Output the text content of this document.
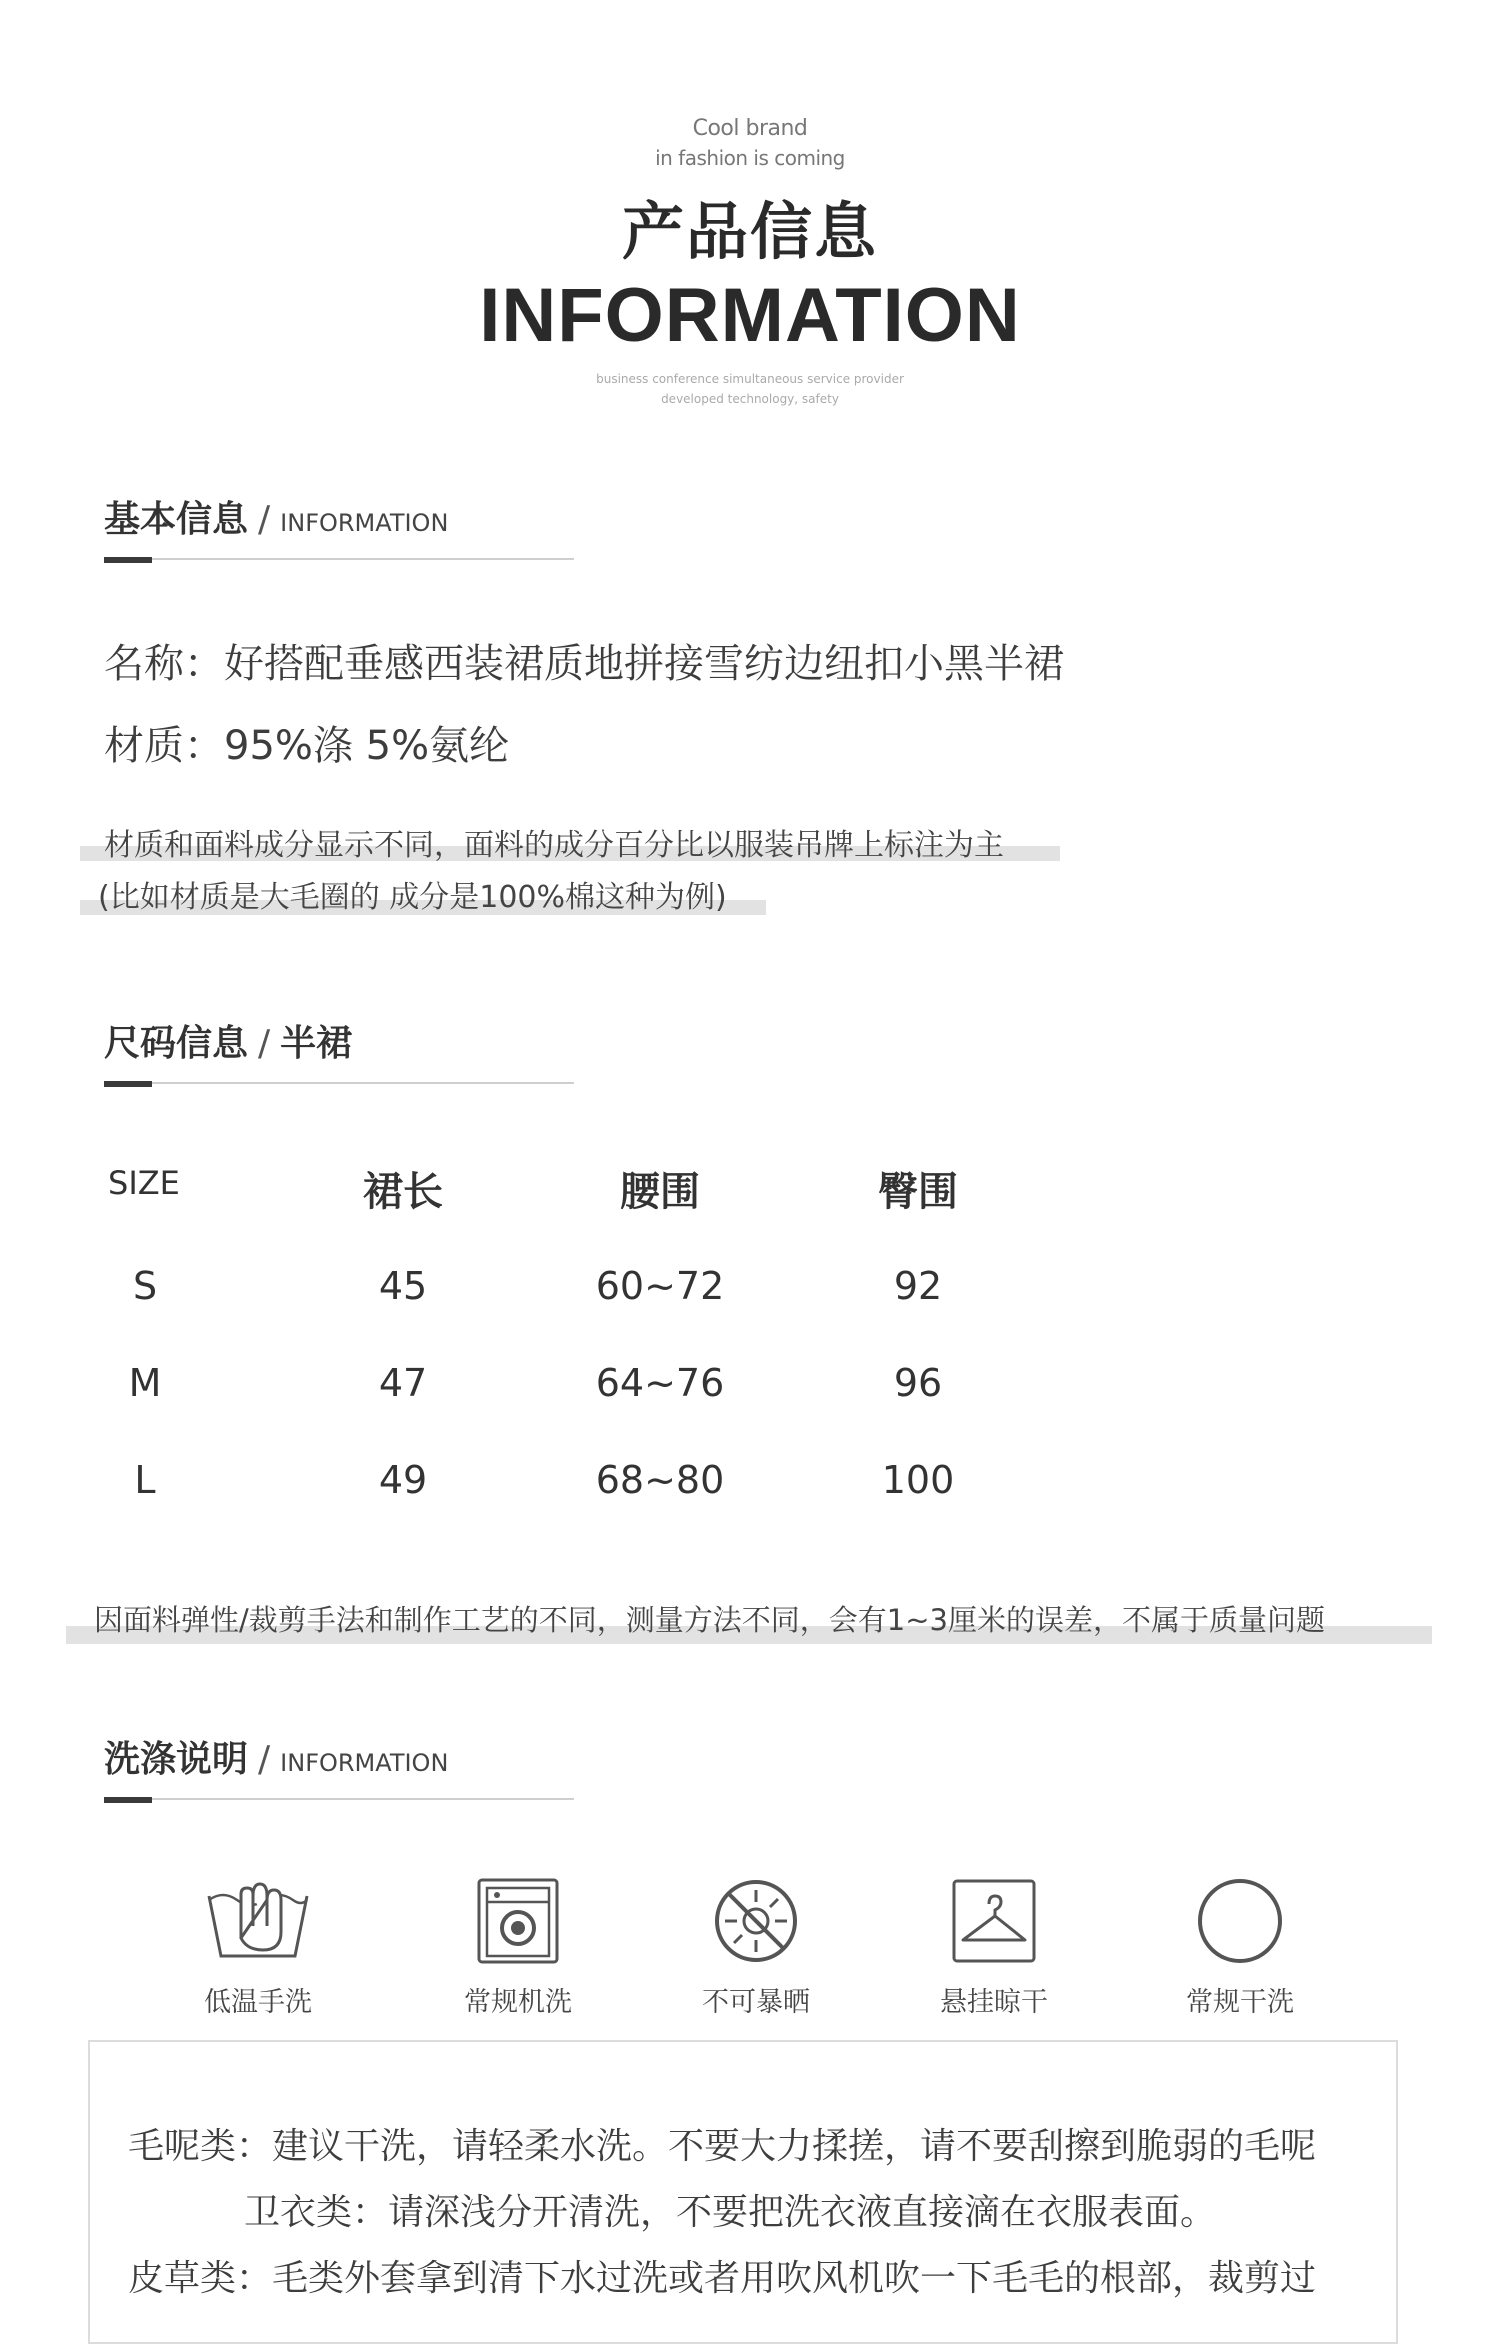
Cool brand
in fashion is coming
产品信息
INFORMATION
business conference simultaneous service provider
developed technology, safety
基本信息 / INFORMATION
名称：好搭配垂感西装裙质地拼接雪纺边纽扣小黑半裙
材质：95%涤 5%氨纶
材质和面料成分显示不同，面料的成分百分比以服装吊牌上标注为主
(比如材质是大毛圈的 成分是100%棉这种为例)
尺码信息 / 半裙
SIZE	裙长	腰围	臀围
S	45	60~72	92
M	47	64~76	96
L	49	68~80	100
因面料弹性/裁剪手法和制作工艺的不同，测量方法不同，会有1~3厘米的误差，不属于质量问题
洗涤说明 / INFORMATION
低温手洗	常规机洗	不可暴晒	悬挂晾干	常规干洗
毛呢类：建议干洗，请轻柔水洗。不要大力揉搓，请不要刮擦到脆弱的毛呢
卫衣类：请深浅分开清洗，不要把洗衣液直接滴在衣服表面。
皮草类：毛类外套拿到清下水过洗或者用吹风机吹一下毛毛的根部，裁剪过
